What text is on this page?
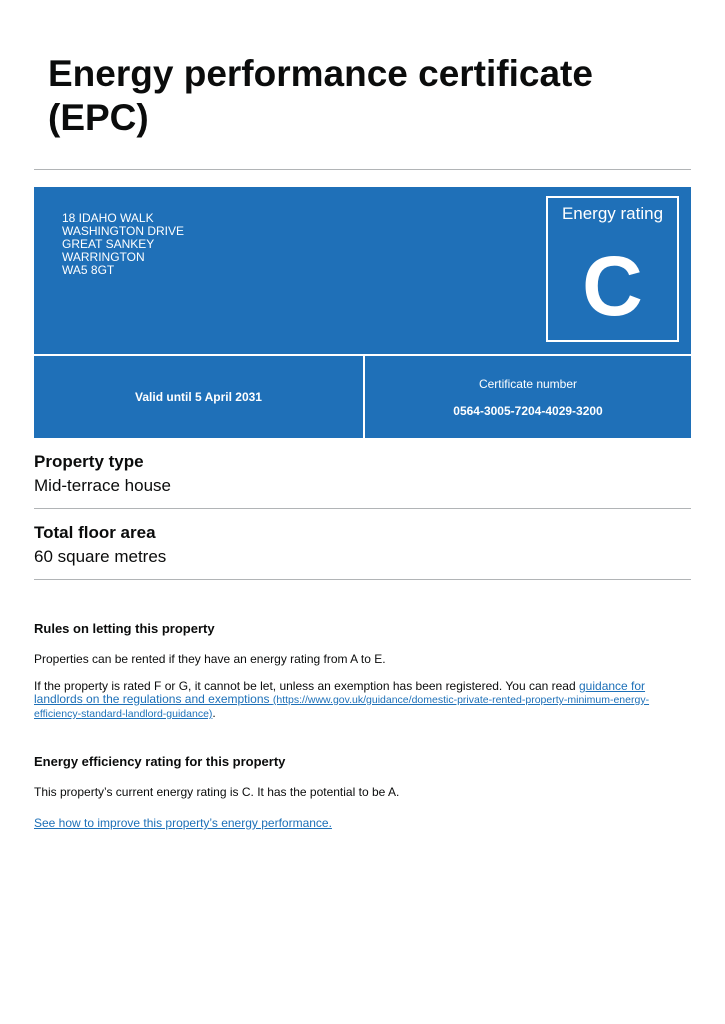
Energy performance certificate
(EPC)
18 IDAHO WALK
WASHINGTON DRIVE
GREAT SANKEY
WARRINGTON
WA5 8GT
Energy rating
C
Valid until 5 April 2031
Certificate number
0564-3005-7204-4029-3200
Property type
Mid-terrace house
Total floor area
60 square metres
Rules on letting this property
Properties can be rented if they have an energy rating from A to E.
If the property is rated F or G, it cannot be let, unless an exemption has been registered. You can read guidance for landlords on the regulations and exemptions (https://www.gov.uk/guidance/domestic-private-rented-property-minimum-energy-efficiency-standard-landlord-guidance).
Energy efficiency rating for this property
This property’s current energy rating is C. It has the potential to be A.
See how to improve this property’s energy performance.
